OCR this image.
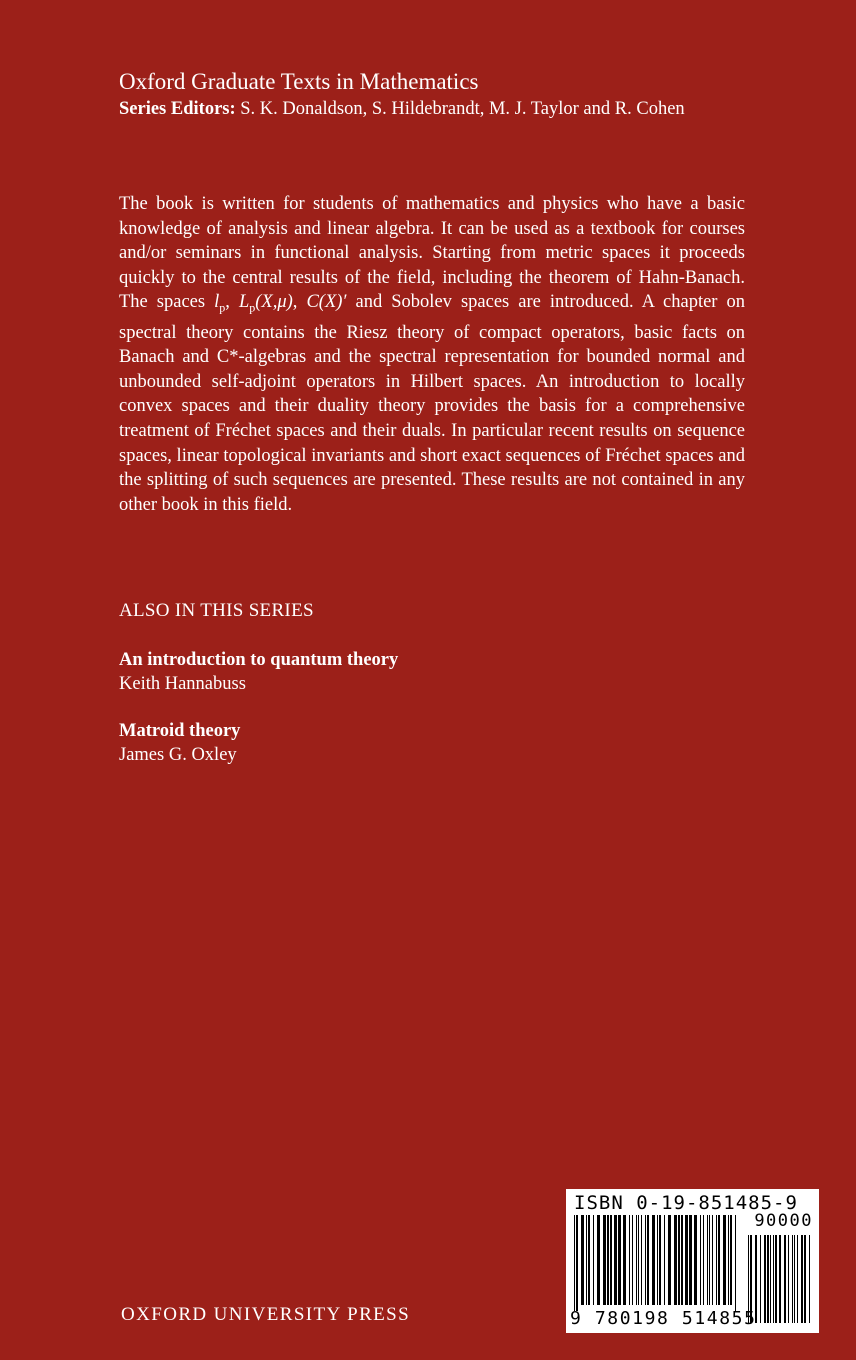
Oxford Graduate Texts in Mathematics
Series Editors: S. K. Donaldson, S. Hildebrandt, M. J. Taylor and R. Cohen

The book is written for students of mathematics and physics who have a basic knowledge of analysis and linear algebra. It can be used as a textbook for courses and/or seminars in functional analysis. Starting from metric spaces it proceeds quickly to the central results of the field, including the theorem of Hahn-Banach. The spaces $l_p$, $L_p(X,\mu)$, C(X)′ and Sobolev spaces are introduced. A chapter on spectral theory contains the Riesz theory of compact operators, basic facts on Banach and C*-algebras and the spectral representation for bounded normal and unbounded self-adjoint operators in Hilbert spaces. An introduction to locally convex spaces and their duality theory provides the basis for a comprehensive treatment of Fréchet spaces and their duals. In particular recent results on sequence spaces, linear topological invariants and short exact sequences of Fréchet spaces and the splitting of such sequences are presented. These results are not contained in any other book in this field.

ALSO IN THIS SERIES
An introduction to quantum theory
Keith Hannabuss
Matroid theory
James G. Oxley
OXFORD UNIVERSITY PRESS
ISBN 0-19-851485-9
90000
9 780198 514855
